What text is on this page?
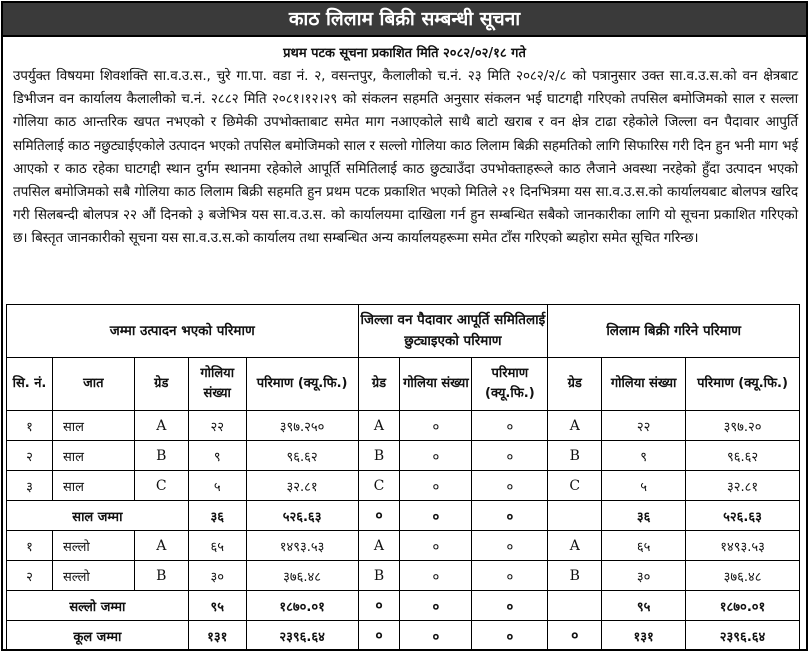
काठ लिलाम बिक्री सम्बन्धी सूचना
प्रथम पटक सूचना प्रकाशित मिति २०८२/०२/१८ गते
उपर्युक्त विषयमा शिवशक्ति सा.व.उ.स., चुरे गा.पा. वडा नं. २, वसन्तपुर, कैलालीको च.नं. २३ मिति २०८२/२/८ को पत्रानुसार उक्त सा.व.उ.स.को वन क्षेत्रबाट डिभीजन वन कार्यालय कैलालीको च.नं. २८८२ मिति २०८१।१२।२९ को संकलन सहमति अनुसार संकलन भई घाटगद्दी गरिएको तपसिल बमोजिमको साल र सल्ला गोलिया काठ आन्तरिक खपत नभएको र छिमेकी उपभोक्ताबाट समेत माग नआएकोले साथै बाटो खराब र वन क्षेत्र टाढा रहेकोले जिल्ला वन पैदावार आपुर्ति समितिलाई काठ नछुट्याईएकोले उत्पादन भएको तपसिल बमोजिमको साल र सल्लो गोलिया काठ लिलाम बिक्री सहमतिको लागि सिफारिस गरी दिन हुन भनी माग भई आएको र काठ रहेका घाटगद्दी स्थान दुर्गम स्थानमा रहेकोले आपूर्ति समितिलाई काठ छुट्याउँदा उपभोक्ताहरूले काठ लैजाने अवस्था नरहेको हुँदा उत्पादन भएको तपसिल बमोजिमको सबै गोलिया काठ लिलाम बिक्री सहमति हुन प्रथम पटक प्रकाशित भएको मितिले २१ दिनभित्रमा यस सा.व.उ.स.को कार्यालयबाट बोलपत्र खरिद गरी सिलबन्दी बोलपत्र २२ औं दिनको ३ बजेभित्र यस सा.व.उ.स. को कार्यालयमा दाखिला गर्न हुन सम्बन्धित सबैको जानकारीका लागि यो सूचना प्रकाशित गरिएको छ। बिस्तृत जानकारीको सूचना यस सा.व.उ.स.को कार्यालय तथा सम्बन्धित अन्य कार्यालयहरूमा समेत टाँस गरिएको ब्यहोरा समेत सूचित गरिन्छ।
जम्मा उत्पादन भएको परिमाण					जिल्ला वन पैदावार आपूर्ति समितिलाई छुट्याइएको परिमाण			लिलाम बिक्री गरिने परिमाण		
सि. नं.	जात	ग्रेड	गोलिया संख्या	परिमाण (क्यू.फि.)	ग्रेड	गोलिया संख्या	परिमाण (क्यू.फि.)	ग्रेड	गोलिया संख्या	परिमाण (क्यू.फि.)
१	साल	A	२२	३९७.२५०	A	०	०	A	२२	३९७.२०
२	साल	B	९	९६.६२	B	०	०	B	९	९६.६२
३	साल	C	५	३२.८१	C	०	०	C	५	३२.८१
साल जम्मा			३६	५२६.६३	०	०	०		३६	५२६.६३
१	सल्लो	A	६५	१४९३.५३	A	०	०	A	६५	१४९३.५३
२	सल्लो	B	३०	३७६.४८	B	०	०	B	३०	३७६.४८
सल्लो जम्मा			९५	१८७०.०१	०	०	०		९५	१८७०.०१
कूल जम्मा			१३१	२३९६.६४	०	०	०	०	१३१	२३९६.६४
